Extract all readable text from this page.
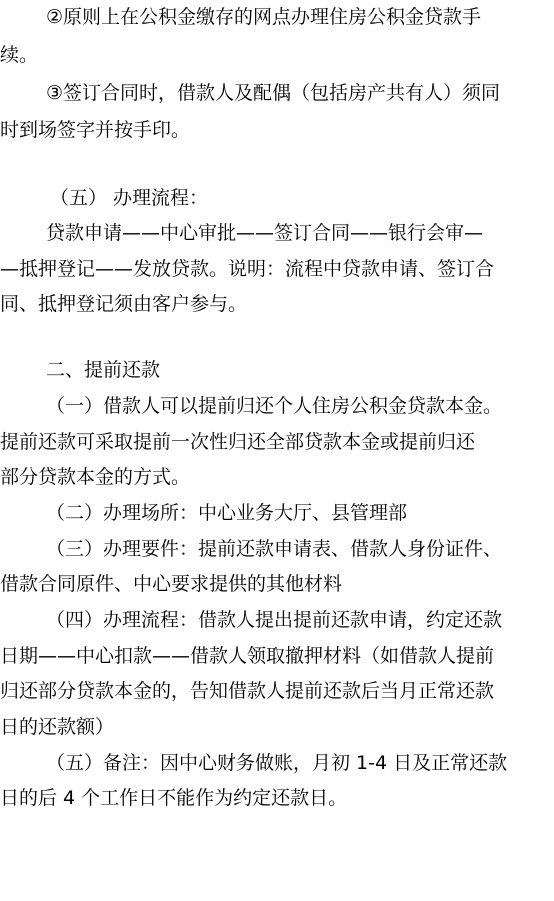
②原则上在公积金缴存的网点办理住房公积金贷款手
续。
③签订合同时，借款人及配偶（包括房产共有人）须同
时到场签字并按手印。
（五） 办理流程：
贷款申请——中心审批——签订合同——银行会审—
—抵押登记——发放贷款。说明：流程中贷款申请、签订合
同、抵押登记须由客户参与。
二、提前还款
（一）借款人可以提前归还个人住房公积金贷款本金。
提前还款可采取提前一次性归还全部贷款本金或提前归还
部分贷款本金的方式。
（二）办理场所：中心业务大厅、县管理部
（三）办理要件：提前还款申请表、借款人身份证件、
借款合同原件、中心要求提供的其他材料
（四）办理流程：借款人提出提前还款申请，约定还款
日期——中心扣款——借款人领取撤押材料（如借款人提前
归还部分贷款本金的，告知借款人提前还款后当月正常还款
日的还款额）
（五）备注：因中心财务做账，月初 1-4 日及正常还款
日的后 4 个工作日不能作为约定还款日。
